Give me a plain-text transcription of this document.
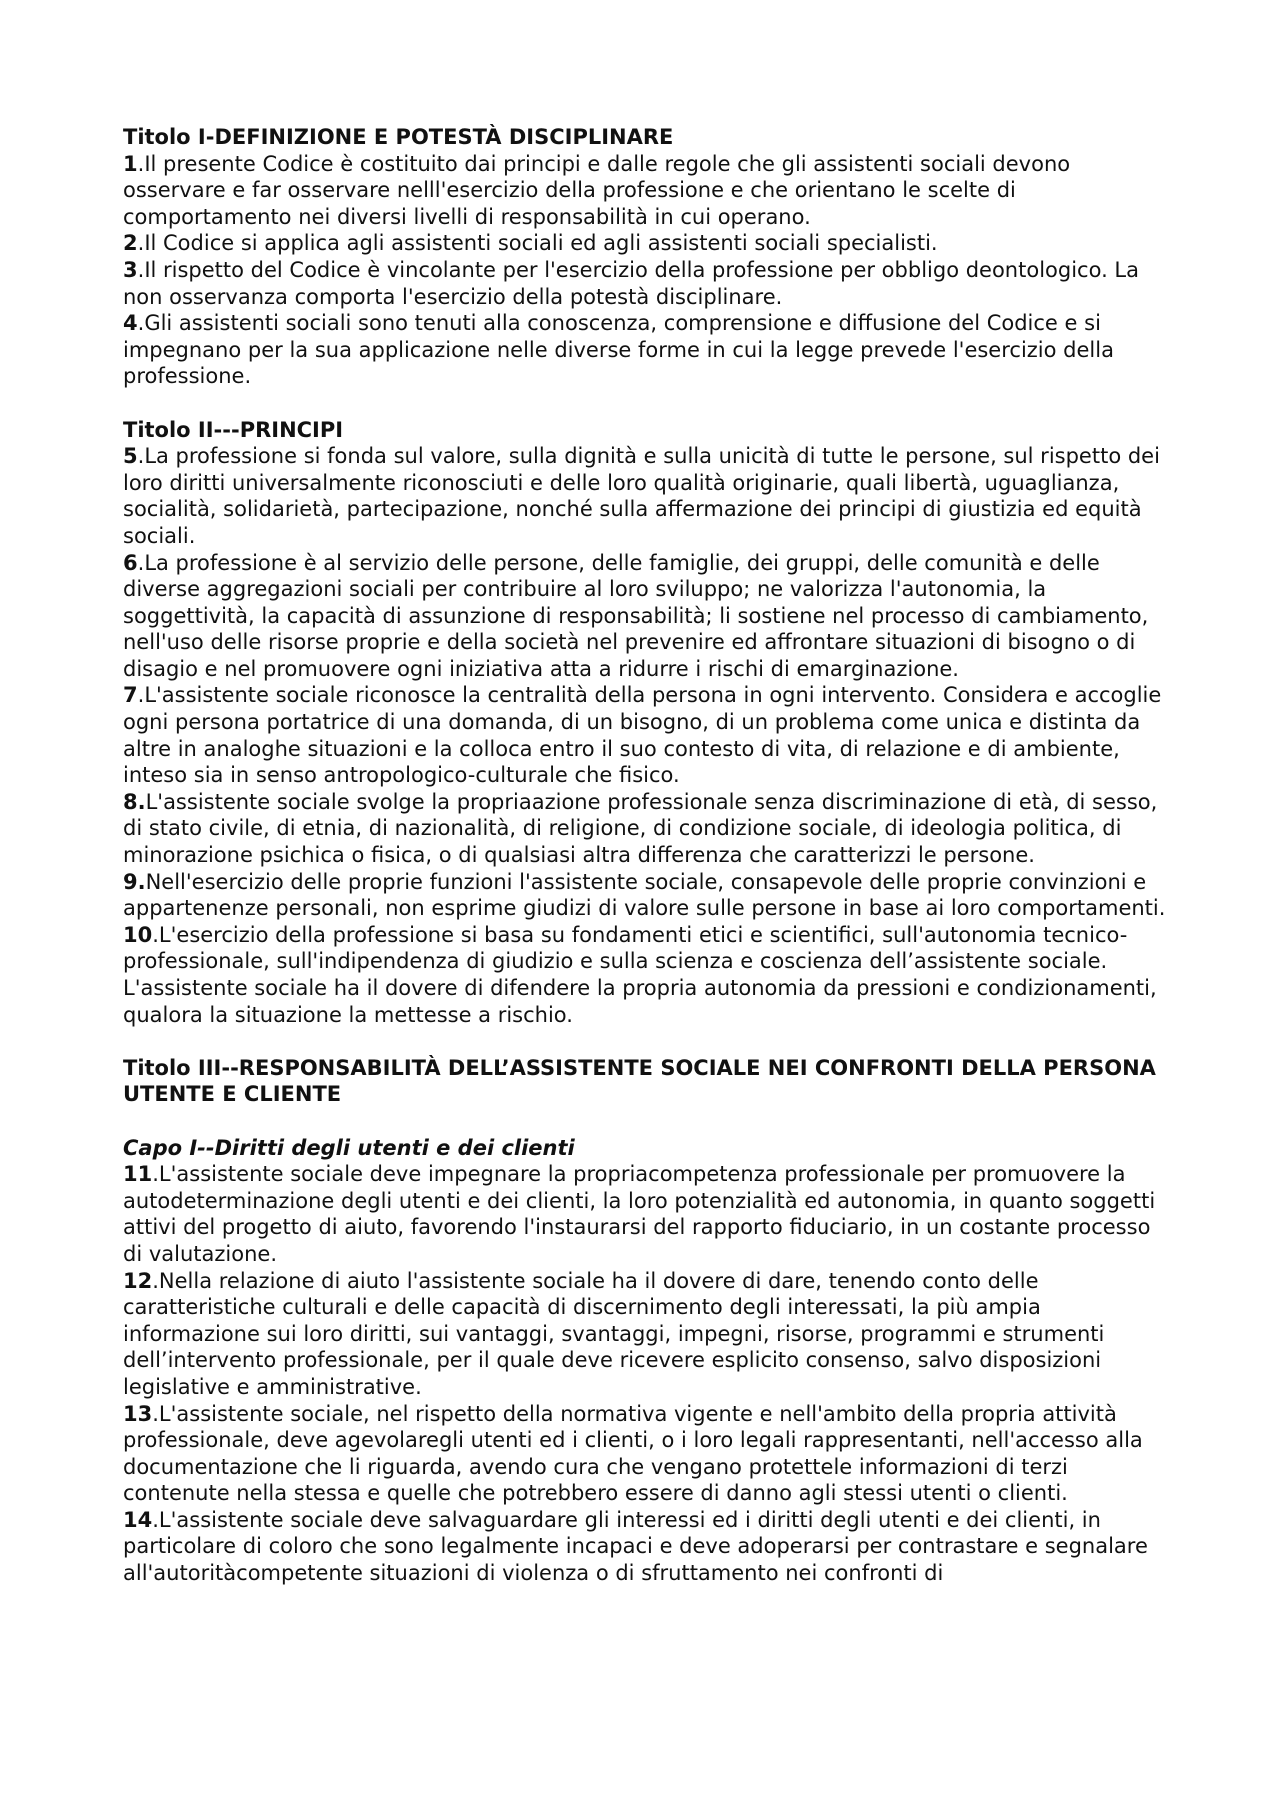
Titolo I-DEFINIZIONE E POTESTÀ DISCIPLINARE

1.Il presente Codice è costituito dai principi e dalle regole che gli assistenti sociali devono osservare e far osservare nelll'esercizio della professione e che orientano le scelte di comportamento nei diversi livelli di responsabilità in cui operano.

2.Il Codice si applica agli assistenti sociali ed agli assistenti sociali specialisti.

3.Il rispetto del Codice è vincolante per l'esercizio della professione per obbligo deontologico. La non osservanza comporta l'esercizio della potestà disciplinare.

4.Gli assistenti sociali sono tenuti alla conoscenza, comprensione e diffusione del Codice e si impegnano per la sua applicazione nelle diverse forme in cui la legge prevede l'esercizio della professione.

Titolo II---PRINCIPI

5.La professione si fonda sul valore, sulla dignità e sulla unicità di tutte le persone, sul rispetto dei loro diritti universalmente riconosciuti e delle loro qualità originarie, quali libertà, uguaglianza, socialità, solidarietà, partecipazione, nonché sulla affermazione dei principi di giustizia ed equità sociali.

6.La professione è al servizio delle persone, delle famiglie, dei gruppi, delle comunità e delle diverse aggregazioni sociali per contribuire al loro sviluppo; ne valorizza l'autonomia, la soggettività, la capacità di assunzione di responsabilità; li sostiene nel processo di cambiamento, nell'uso delle risorse proprie e della società nel prevenire ed affrontare situazioni di bisogno o di disagio e nel promuovere ogni iniziativa atta a ridurre i rischi di emarginazione.

7.L'assistente sociale riconosce la centralità della persona in ogni intervento. Considera e accoglie ogni persona portatrice di una domanda, di un bisogno, di un problema come unica e distinta da altre in analoghe situazioni e la colloca entro il suo contesto di vita, di relazione e di ambiente, inteso sia in senso antropologico-culturale che fisico.

8.L'assistente sociale svolge la propriaazione professionale senza discriminazione di età, di sesso, di stato civile, di etnia, di nazionalità, di religione, di condizione sociale, di ideologia politica, di minorazione psichica o fisica, o di qualsiasi altra differenza che caratterizzi le persone.

9.Nell'esercizio delle proprie funzioni l'assistente sociale, consapevole delle proprie convinzioni e appartenenze personali, non esprime giudizi di valore sulle persone in base ai loro comportamenti.

10.L'esercizio della professione si basa su fondamenti etici e scientifici, sull'autonomia tecnico-professionale, sull'indipendenza di giudizio e sulla scienza e coscienza dell’assistente sociale. L'assistente sociale ha il dovere di difendere la propria autonomia da pressioni e condizionamenti, qualora la situazione la mettesse a rischio.

Titolo III--RESPONSABILITÀ DELL’ASSISTENTE SOCIALE NEI CONFRONTI DELLA PERSONA UTENTE E CLIENTE

Capo I--Diritti degli utenti e dei clienti

11.L'assistente sociale deve impegnare la propriacompetenza professionale per promuovere la autodeterminazione degli utenti e dei clienti, la loro potenzialità ed autonomia, in quanto soggetti attivi del progetto di aiuto, favorendo l'instaurarsi del rapporto fiduciario, in un costante processo di valutazione.

12.Nella relazione di aiuto l'assistente sociale ha il dovere di dare, tenendo conto delle caratteristiche culturali e delle capacità di discernimento degli interessati, la più ampia informazione sui loro diritti, sui vantaggi, svantaggi, impegni, risorse, programmi e strumenti dell’intervento professionale, per il quale deve ricevere esplicito consenso, salvo disposizioni legislative e amministrative.

13.L'assistente sociale, nel rispetto della normativa vigente e nell'ambito della propria attività professionale, deve agevolaregli utenti ed i clienti, o i loro legali rappresentanti, nell'accesso alla documentazione che li riguarda, avendo cura che vengano protettele informazioni di terzi contenute nella stessa e quelle che potrebbero essere di danno agli stessi utenti o clienti.

14.L'assistente sociale deve salvaguardare gli interessi ed i diritti degli utenti e dei clienti, in particolare di coloro che sono legalmente incapaci e deve adoperarsi per contrastare e segnalare all'autoritàcompetente situazioni di violenza o di sfruttamento nei confronti di
